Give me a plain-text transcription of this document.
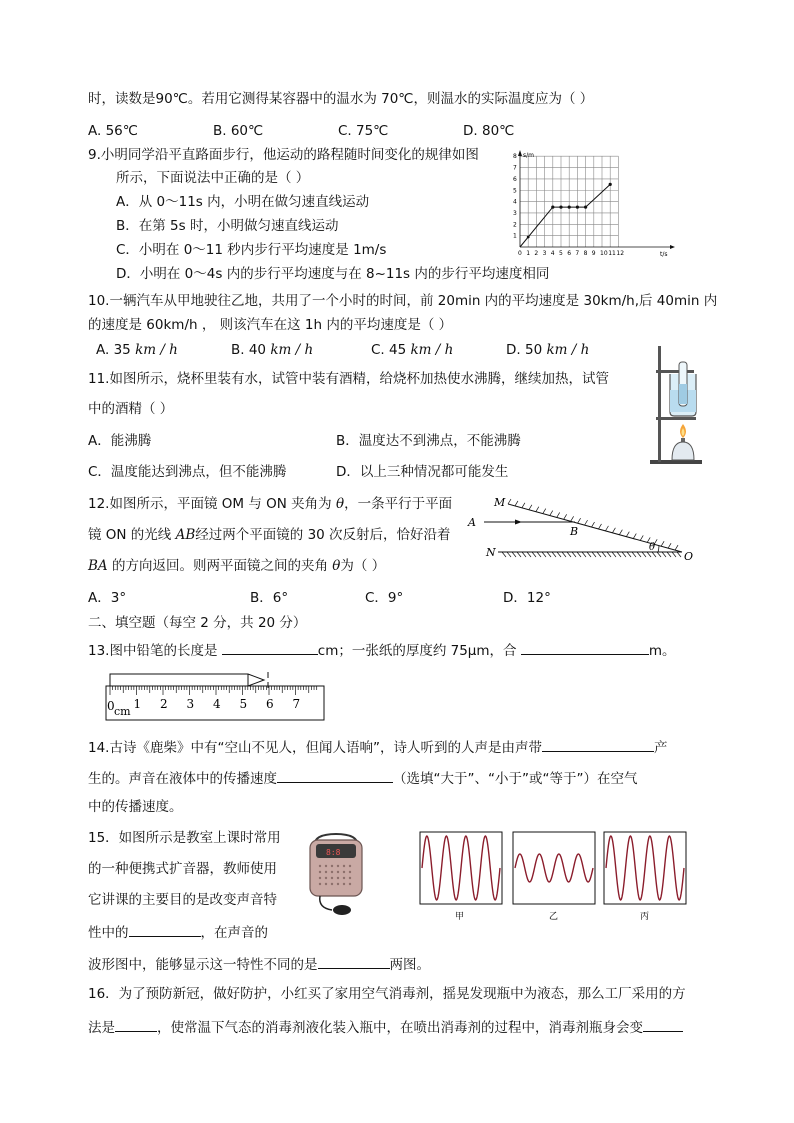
时，读数是90℃。若用它测得某容器中的温水为 70℃，则温水的实际温度应为（ ）
A. 56℃	B. 60℃	C. 75℃	D. 80℃
9.小明同学沿平直路面步行，他运动的路程随时间变化的规律如图
所示，下面说法中正确的是（ ）
A．从 0～11s 内，小明在做匀速直线运动
B．在第 5s 时，小明做匀速直线运动
C．小明在 0～11 秒内步行平均速度是 1m/s
D．小明在 0～4s 内的步行平均速度与在 8~11s 内的步行平均速度相同
s/m
t/s
1
2
3
4
5
6
7
8
0 1 2 3 4 5 6 7 8 9 10 11 12
10.一辆汽车从甲地驶往乙地，共用了一个小时的时间，前 20min 内的平均速度是 30km/h,后 40min 内
的速度是 60km/h ， 则该汽车在这 1h 内的平均速度是（ ）
A. 35 km / h	B. 40 km / h	C. 45 km / h	D. 50 km / h
11.如图所示，烧杯里装有水，试管中装有酒精，给烧杯加热使水沸腾，继续加热，试管
中的酒精（ ）
A．能沸腾	B．温度达不到沸点，不能沸腾
C．温度能达到沸点，但不能沸腾	D．以上三种情况都可能发生
12.如图所示，平面镜 OM 与 ON 夹角为 θ，一条平行于平面
镜 ON 的光线 AB经过两个平面镜的 30 次反射后，恰好沿着
BA 的方向返回。则两平面镜之间的夹角 θ为（ ）
A．3°	B．6°	C．9°	D．12°
M
A
B
N	O
θ
二、填空题（每空 2 分，共 20 分）
13.图中铅笔的长度是	cm；一张纸的厚度约 75μm，合	m。
0 cm
1 2 3 4 5 6 7
14.古诗《鹿柴》中有“空山不见人，但闻人语响”，诗人听到的人声是由声带	产
生的。声音在液体中的传播速度	（选填“大于”、“小于”或“等于”）在空气
中的传播速度。
15．如图所示是教室上课时常用
的一种便携式扩音器，教师使用
它讲课的主要目的是改变声音特
性中的	，在声音的
波形图中，能够显示这一特性不同的是	两图。
8:8
甲	乙	丙
16．为了预防新冠，做好防护，小红买了家用空气消毒剂，摇晃发现瓶中为液态，那么工厂采用的方
法是	，使常温下气态的消毒剂液化装入瓶中，在喷出消毒剂的过程中，消毒剂瓶身会变
